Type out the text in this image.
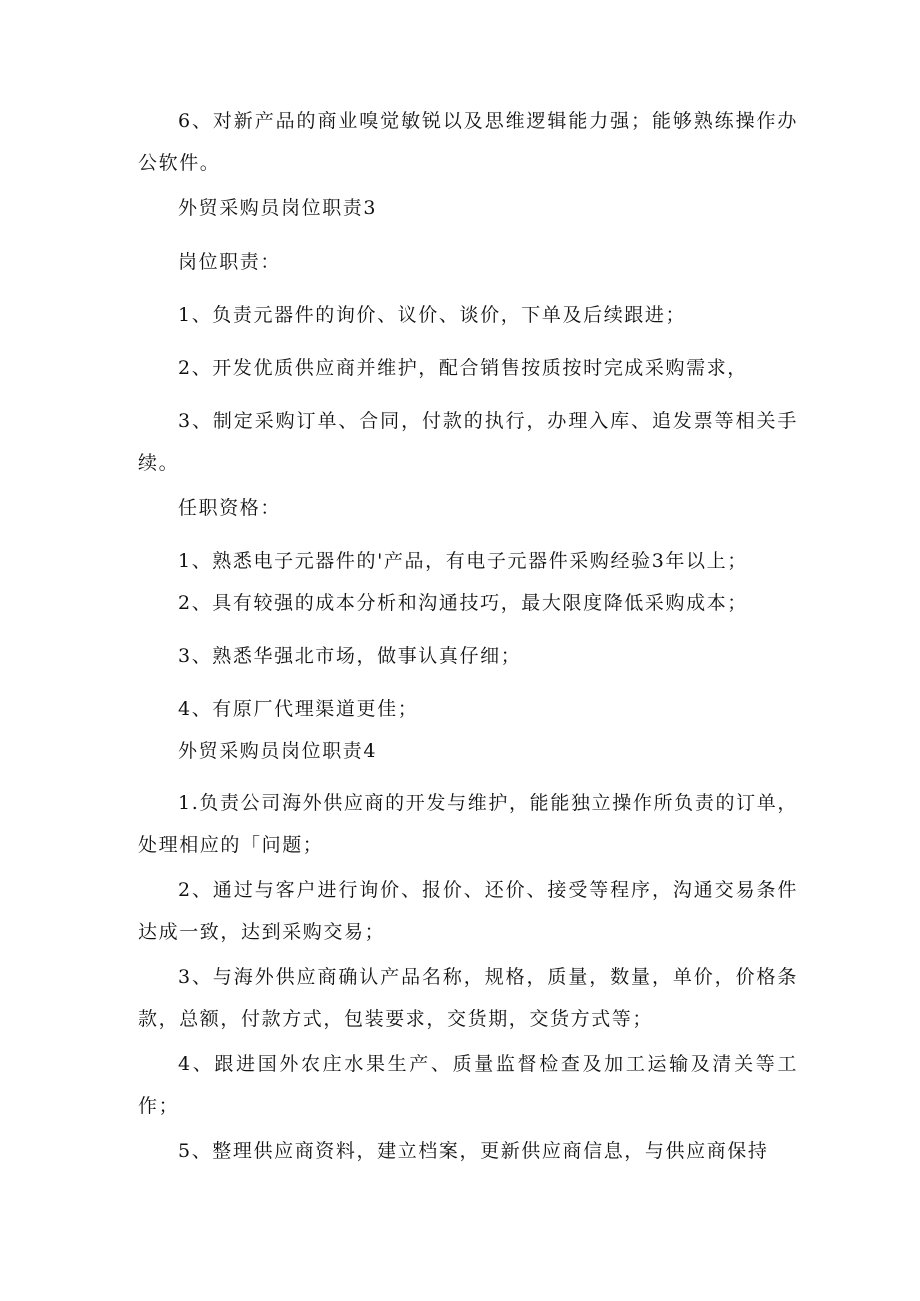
6、对新产品的商业嗅觉敏锐以及思维逻辑能力强；能够熟练操作办公软件。

外贸采购员岗位职责3

岗位职责：

1、负责元器件的询价、议价、谈价，下单及后续跟进；

2、开发优质供应商并维护，配合销售按质按时完成采购需求，

3、制定采购订单、合同，付款的执行，办理入库、追发票等相关手续。

任职资格：

1、熟悉电子元器件的'产品，有电子元器件采购经验3年以上；

2、具有较强的成本分析和沟通技巧，最大限度降低采购成本；

3、熟悉华强北市场，做事认真仔细；

4、有原厂代理渠道更佳；

外贸采购员岗位职责4

1.负责公司海外供应商的开发与维护，能能独立操作所负责的订单，处理相应的「问题；

2、通过与客户进行询价、报价、还价、接受等程序，沟通交易条件达成一致，达到采购交易；

3、与海外供应商确认产品名称，规格，质量，数量，单价，价格条款，总额，付款方式，包装要求，交货期，交货方式等；

4、跟进国外农庄水果生产、质量监督检查及加工运输及清关等工作；

5、整理供应商资料，建立档案，更新供应商信息，与供应商保持
